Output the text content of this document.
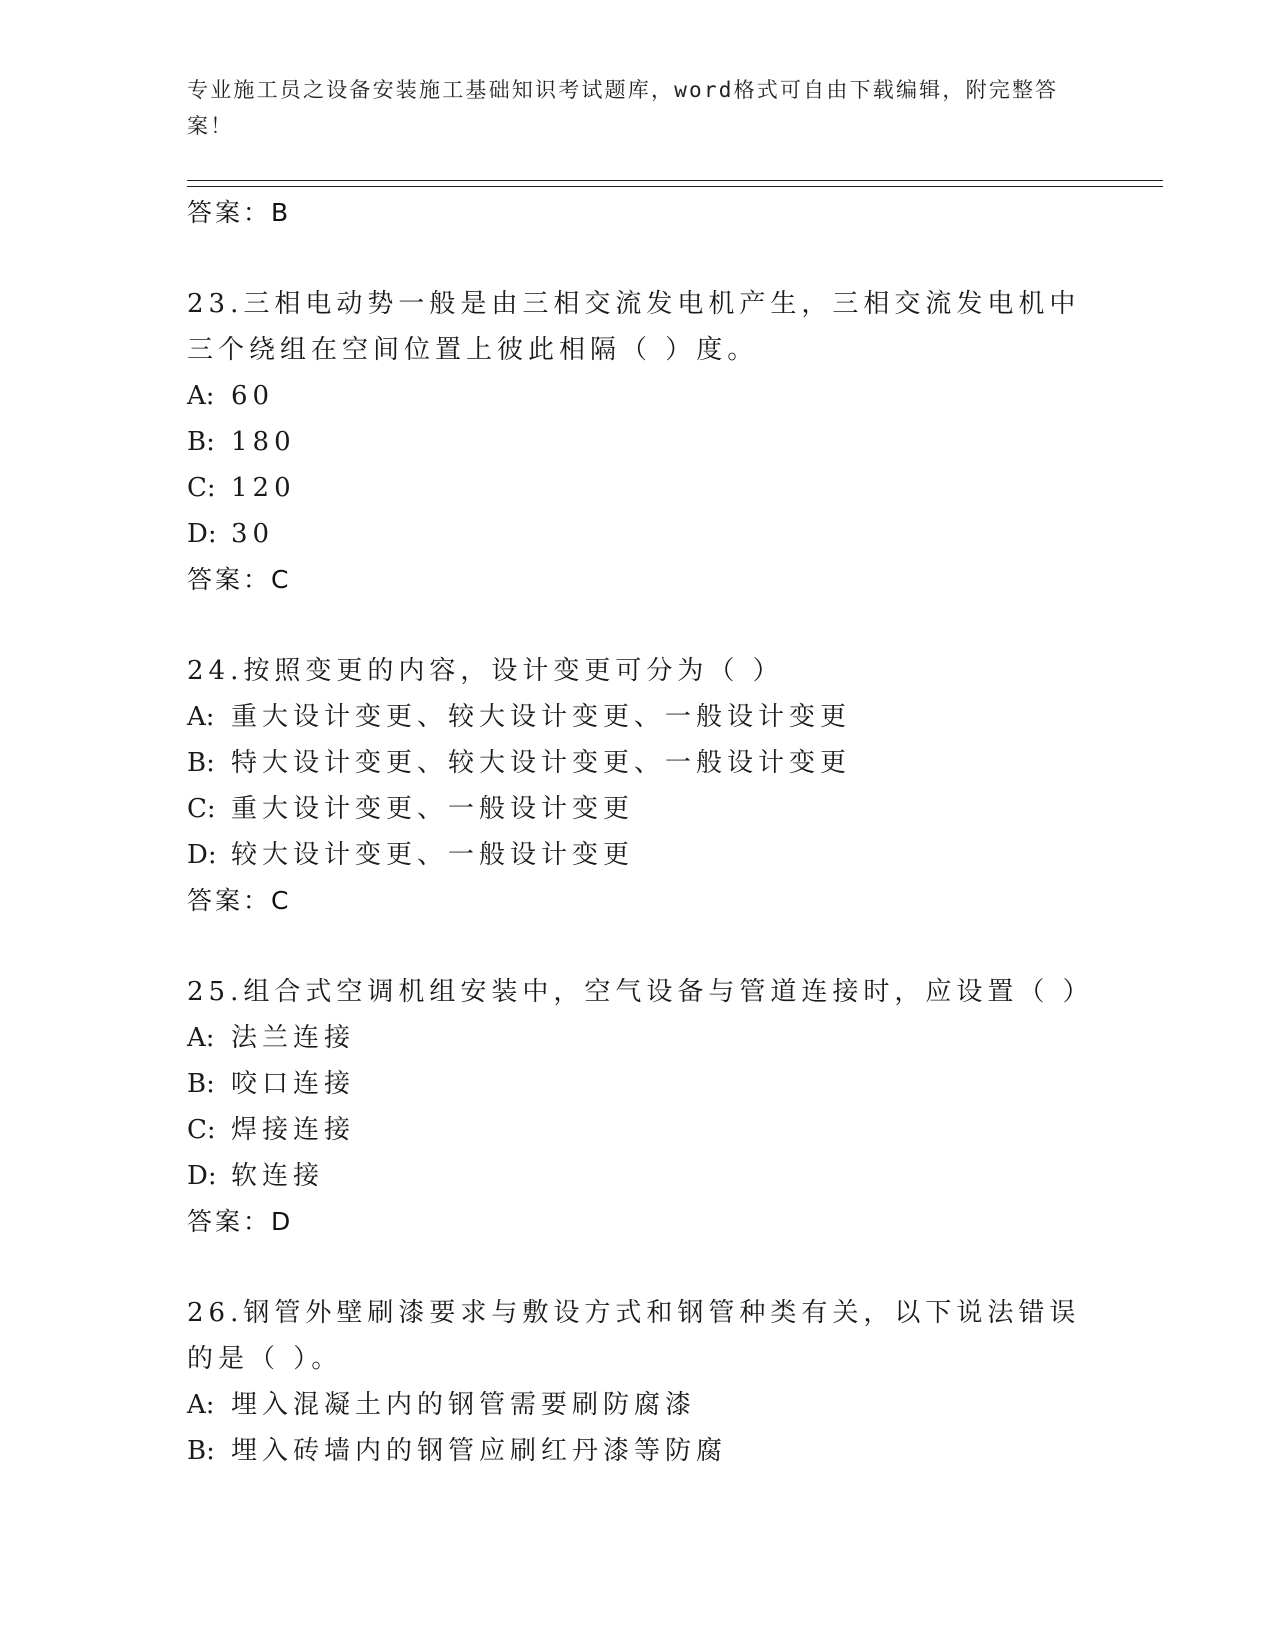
专业施工员之设备安装施工基础知识考试题库，word格式可自由下载编辑，附完整答案！
答案：B
23.三相电动势一般是由三相交流发电机产生，三相交流发电机中三个绕组在空间位置上彼此相隔（ ）度。
A: 60
B: 180
C: 120
D: 30
答案：C
24.按照变更的内容，设计变更可分为（ ）
A: 重大设计变更、较大设计变更、一般设计变更
B: 特大设计变更、较大设计变更、一般设计变更
C: 重大设计变更、一般设计变更
D: 较大设计变更、一般设计变更
答案：C
25.组合式空调机组安装中，空气设备与管道连接时，应设置（ ）
A: 法兰连接
B: 咬口连接
C: 焊接连接
D: 软连接
答案：D
26.钢管外壁刷漆要求与敷设方式和钢管种类有关，以下说法错误的是（ ）。
A: 埋入混凝土内的钢管需要刷防腐漆
B: 埋入砖墙内的钢管应刷红丹漆等防腐
